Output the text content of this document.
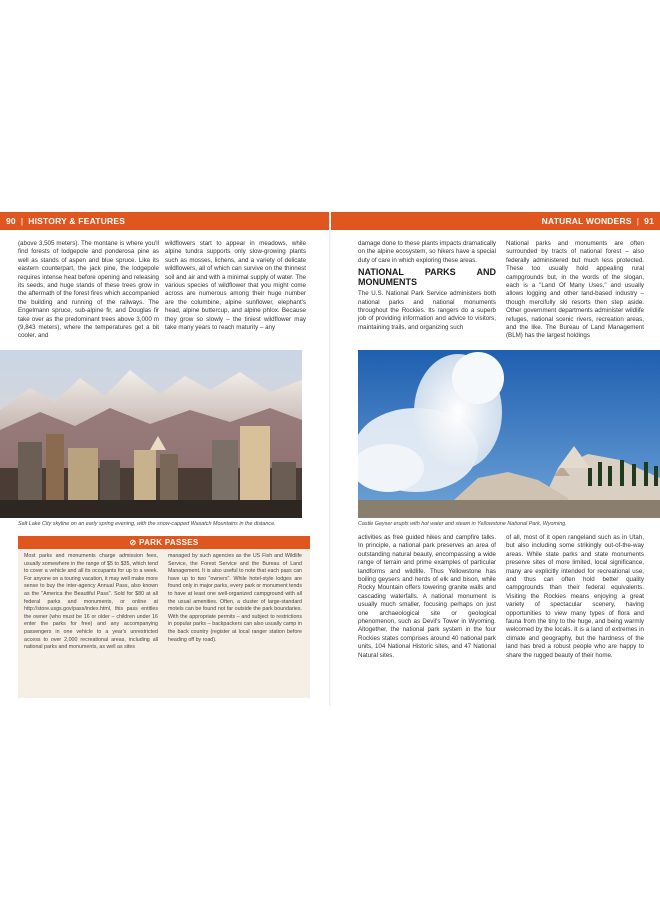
90 | HISTORY & FEATURES

(above 3,505 meters). The montane is where you'll find forests of lodgepole and ponderosa pine as well as stands of aspen and blue spruce. Like its eastern counterpart, the jack pine, the lodgepole requires intense heat before opening and releasing its seeds, and huge stands of these trees grow in the aftermath of the forest fires which accompanied the building and running of the railways. The Engelmann spruce, sub-alpine fir, and Douglas fir take over as the predominant trees above 3,000 m (9,843 meters), where the temperatures get a bit cooler, and

wildflowers start to appear in meadows, while alpine tundra supports only slow-growing plants such as mosses, lichens, and a variety of delicate wildflowers, all of which can survive on the thinnest soil and air and with a minimal supply of water. The various species of wildflower that you might come across are numerous among their huge number are the columbine, alpine sunflower, elephant's head, alpine buttercup, and alpine phlox. Because they grow so slowly – the tiniest wildflower may take many years to reach maturity – any

Salt Lake City skyline on an early spring evening, with the snow-capped Wasatch Mountains in the distance.
⊘ PARK PASSES

Most parks and monuments charge admission fees, usually somewhere in the range of $5 to $35, which tend to cover a vehicle and all its occupants for up to a week. For anyone on a touring vacation, it may well make more sense to buy the inter-agency Annual Pass, also known as the "America the Beautiful Pass". Sold for $80 at all federal parks and monuments, or online at http://store.usgs.gov/pass/index.html, this pass entitles the owner (who must be 16 or older – children under 16 enter the parks for free) and any accompanying passengers in one vehicle to a year's unrestricted access to over 2,000 recreational areas, including all national parks and monuments, as well as sites

managed by such agencies as the US Fish and Wildlife Service, the Forest Service and the Bureau of Land Management. It is also useful to note that each pass can have up to two "owners". While hotel-style lodges are found only in major parks, every park or monument tends to have at least one well-organized campground with all the usual amenities. Often, a cluster of large-standard motels can be found not far outside the park boundaries. With the appropriate permits – and subject to restrictions in popular parks – backpackers can also usually camp in the back country (register at local ranger station before heading off by road).

NATURAL WONDERS | 91

damage done to these plants impacts dramatically on the alpine ecosystem, so hikers have a special duty of care in which exploring these areas.

NATIONAL PARKS AND MONUMENTS

The U.S. National Park Service administers both national parks and national monuments throughout the Rockies. Its rangers do a superb job of providing information and advice to visitors, maintaining trails, and organizing such

National parks and monuments are often surrounded by tracts of national forest – also federally administered but much less protected. These too usually hold appealing rural campgrounds but, in the words of the slogan, each is a "Land Of Many Uses," and usually allows logging and other land-based industry – though mercifully ski resorts then step aside. Other government departments administer wildlife refuges, national scenic rivers, recreation areas, and the like. The Bureau of Land Management (BLM) has the largest holdings

Castle Geyser erupts with hot water and steam in Yellowstone National Park, Wyoming.

activities as free guided hikes and campfire talks. In principle, a national park preserves an area of outstanding natural beauty, encompassing a wide range of terrain and prime examples of particular landforms and wildlife. Thus Yellowstone has boiling geysers and herds of elk and bison, while Rocky Mountain offers towering granite walls and cascading waterfalls. A national monument is usually much smaller, focusing perhaps on just one archaeological site or geological phenomenon, such as Devil's Tower in Wyoming. Altogether, the national park system in the four Rockies states comprises around 40 national park units, 104 National Historic sites, and 47 National Natural sites.

of all, most of it open rangeland such as in Utah, but also including some strikingly out-of-the-way areas. While state parks and state monuments preserve sites of more limited, local significance, many are explicitly intended for recreational use, and thus can often hold better quality campgrounds than their federal equivalents. Visiting the Rockies means enjoying a great variety of spectacular scenery, having opportunities to view many types of flora and fauna from the tiny to the huge, and being warmly welcomed by the locals. It is a land of extremes in climate and geography, but the hardness of the land has bred a robust people who are happy to share the rugged beauty of their home.
